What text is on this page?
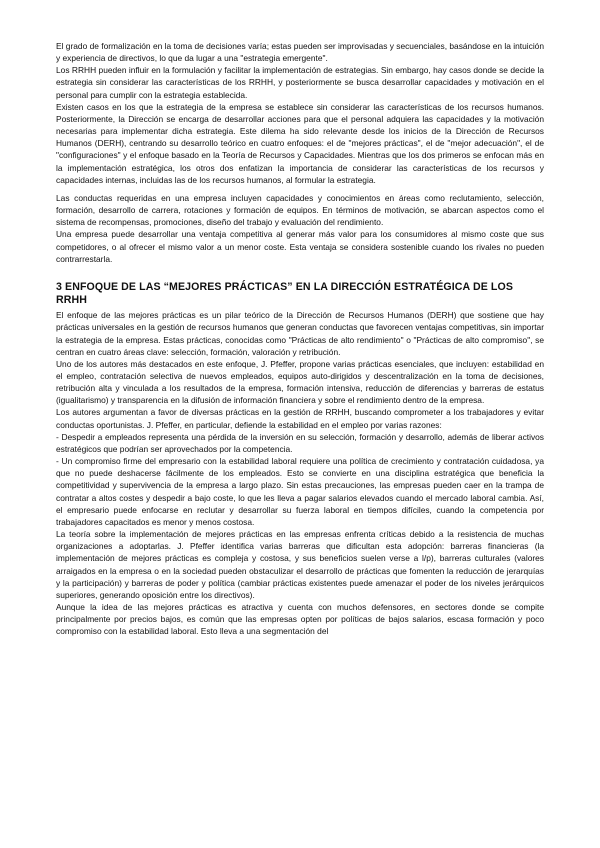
El grado de formalización en la toma de decisiones varía; estas pueden ser improvisadas y secuenciales, basándose en la intuición y experiencia de directivos, lo que da lugar a una "estrategia emergente".

Los RRHH pueden influir en la formulación y facilitar la implementación de estrategias. Sin embargo, hay casos donde se decide la estrategia sin considerar las características de los RRHH, y posteriormente se busca desarrollar capacidades y motivación en el personal para cumplir con la estrategia establecida.

Existen casos en los que la estrategia de la empresa se establece sin considerar las características de los recursos humanos. Posteriormente, la Dirección se encarga de desarrollar acciones para que el personal adquiera las capacidades y la motivación necesarias para implementar dicha estrategia. Este dilema ha sido relevante desde los inicios de la Dirección de Recursos Humanos (DERH), centrando su desarrollo teórico en cuatro enfoques: el de "mejores prácticas", el de "mejor adecuación", el de "configuraciones" y el enfoque basado en la Teoría de Recursos y Capacidades. Mientras que los dos primeros se enfocan más en la implementación estratégica, los otros dos enfatizan la importancia de considerar las características de los recursos y capacidades internas, incluidas las de los recursos humanos, al formular la estrategia.

Las conductas requeridas en una empresa incluyen capacidades y conocimientos en áreas como reclutamiento, selección, formación, desarrollo de carrera, rotaciones y formación de equipos. En términos de motivación, se abarcan aspectos como el sistema de recompensas, promociones, diseño del trabajo y evaluación del rendimiento.

Una empresa puede desarrollar una ventaja competitiva al generar más valor para los consumidores al mismo coste que sus competidores, o al ofrecer el mismo valor a un menor coste. Esta ventaja se considera sostenible cuando los rivales no pueden contrarrestarla.

3 ENFOQUE DE LAS “MEJORES PRÁCTICAS” EN LA DIRECCIÓN ESTRATÉGICA DE LOS RRHH

El enfoque de las mejores prácticas es un pilar teórico de la Dirección de Recursos Humanos (DERH) que sostiene que hay prácticas universales en la gestión de recursos humanos que generan conductas que favorecen ventajas competitivas, sin importar la estrategia de la empresa. Estas prácticas, conocidas como "Prácticas de alto rendimiento" o "Prácticas de alto compromiso", se centran en cuatro áreas clave: selección, formación, valoración y retribución.

Uno de los autores más destacados en este enfoque, J. Pfeffer, propone varias prácticas esenciales, que incluyen: estabilidad en el empleo, contratación selectiva de nuevos empleados, equipos auto-dirigidos y descentralización en la toma de decisiones, retribución alta y vinculada a los resultados de la empresa, formación intensiva, reducción de diferencias y barreras de estatus (igualitarismo) y transparencia en la difusión de información financiera y sobre el rendimiento dentro de la empresa.

Los autores argumentan a favor de diversas prácticas en la gestión de RRHH, buscando comprometer a los trabajadores y evitar conductas oportunistas. J. Pfeffer, en particular, defiende la estabilidad en el empleo por varias razones:

- Despedir a empleados representa una pérdida de la inversión en su selección, formación y desarrollo, además de liberar activos estratégicos que podrían ser aprovechados por la competencia.

- Un compromiso firme del empresario con la estabilidad laboral requiere una política de crecimiento y contratación cuidadosa, ya que no puede deshacerse fácilmente de los empleados. Esto se convierte en una disciplina estratégica que beneficia la competitividad y supervivencia de la empresa a largo plazo. Sin estas precauciones, las empresas pueden caer en la trampa de contratar a altos costes y despedir a bajo coste, lo que les lleva a pagar salarios elevados cuando el mercado laboral cambia. Así, el empresario puede enfocarse en reclutar y desarrollar su fuerza laboral en tiempos difíciles, cuando la competencia por trabajadores capacitados es menor y menos costosa.

La teoría sobre la implementación de mejores prácticas en las empresas enfrenta críticas debido a la resistencia de muchas organizaciones a adoptarlas. J. Pfeffer identifica varias barreras que dificultan esta adopción: barreras financieras (la implementación de mejores prácticas es compleja y costosa, y sus beneficios suelen verse a l/p), barreras culturales (valores arraigados en la empresa o en la sociedad pueden obstaculizar el desarrollo de prácticas que fomenten la reducción de jerarquías y la participación) y barreras de poder y política (cambiar prácticas existentes puede amenazar el poder de los niveles jerárquicos superiores, generando oposición entre los directivos).

Aunque la idea de las mejores prácticas es atractiva y cuenta con muchos defensores, en sectores donde se compite principalmente por precios bajos, es común que las empresas opten por políticas de bajos salarios, escasa formación y poco compromiso con la estabilidad laboral. Esto lleva a una segmentación del
